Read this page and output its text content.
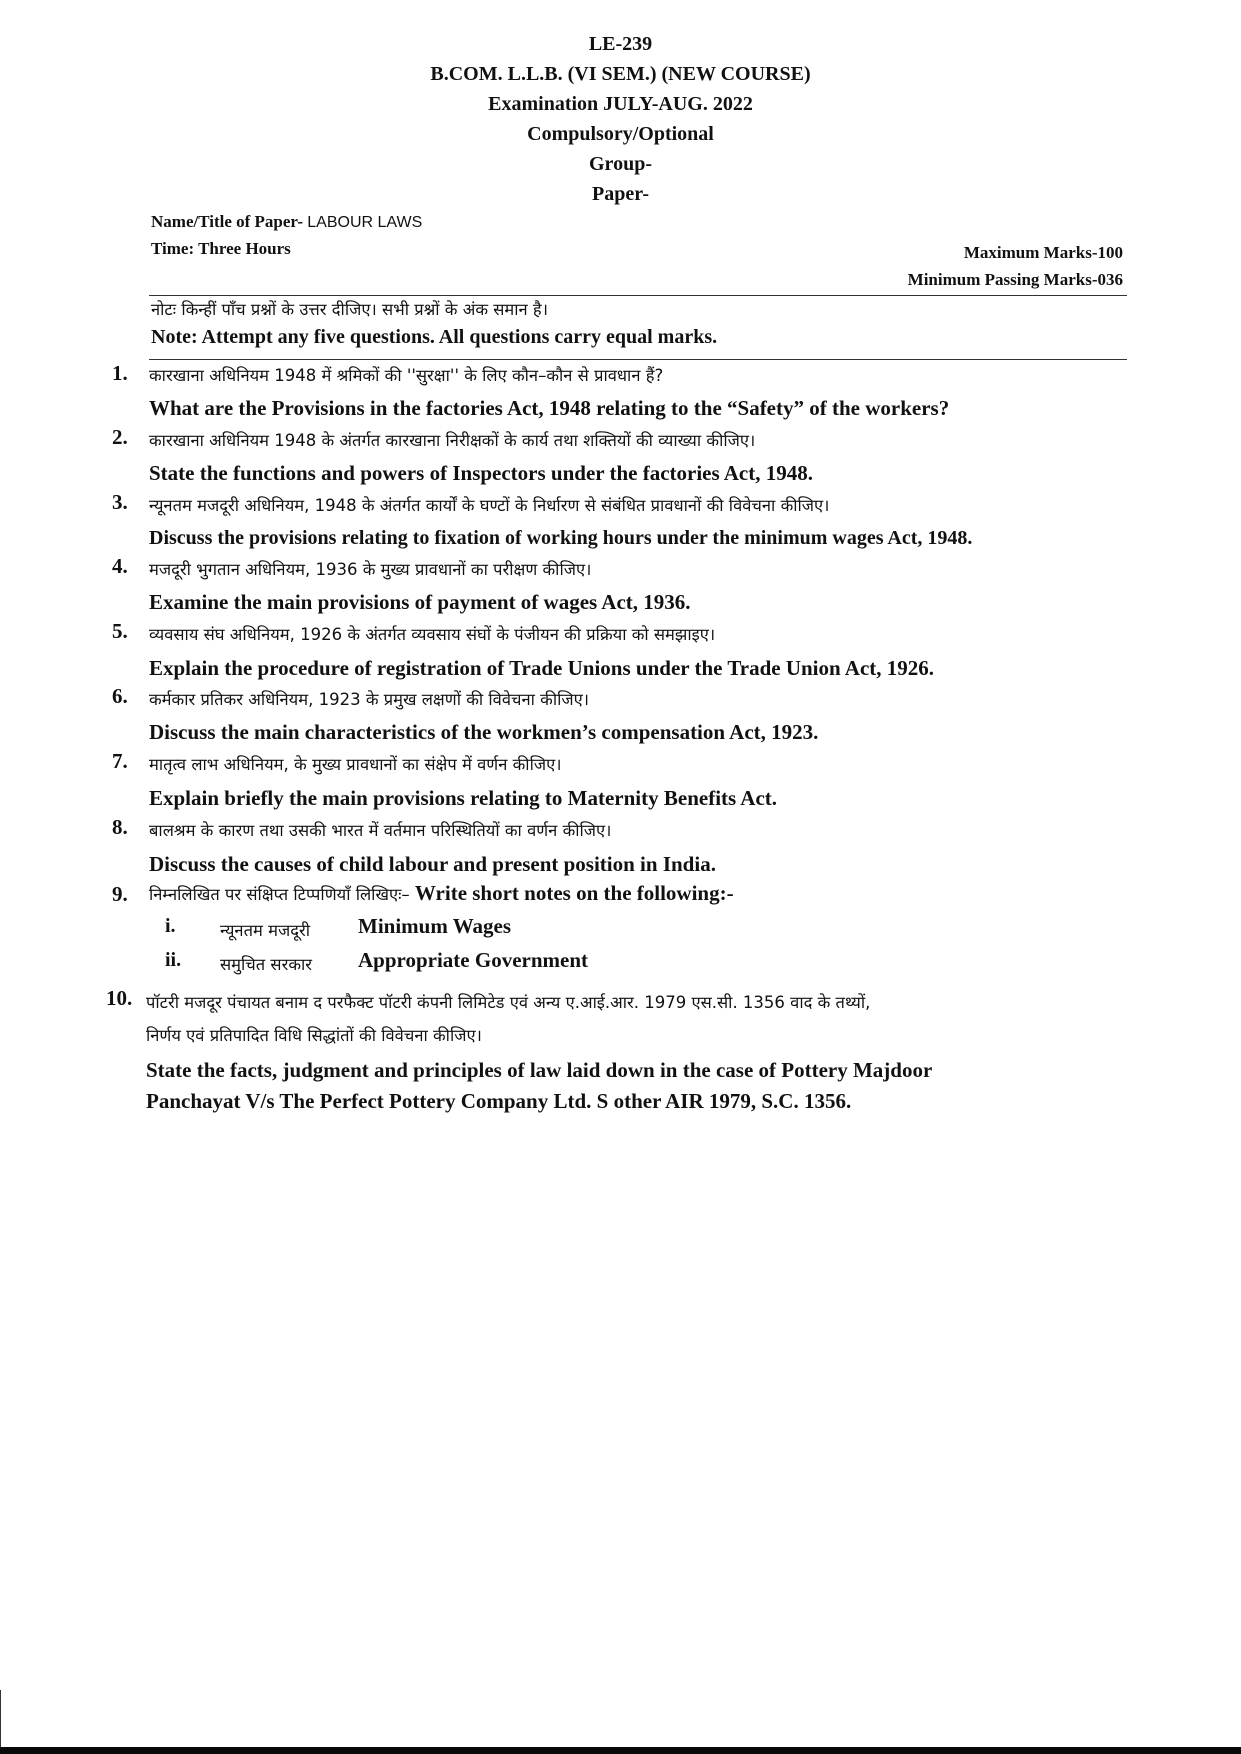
LE-239
B.COM. L.L.B. (VI SEM.) (NEW COURSE)
Examination JULY-AUG. 2022
Compulsory/Optional
Group-
Paper-
Name/Title of Paper- LABOUR LAWS
Time: Three Hours	Maximum Marks-100
Minimum Passing Marks-036
नोटः किन्हीं पाँच प्रश्नों के उत्तर दीजिए। सभी प्रश्नों के अंक समान है।
Note: Attempt any five questions. All questions carry equal marks.
1. कारखाना अधिनियम 1948 में श्रमिकों की ''सुरक्षा'' के लिए कौन–कौन से प्रावधान हैं?
What are the Provisions in the factories Act, 1948 relating to the “Safety” of the workers?
2. कारखाना अधिनियम 1948 के अंतर्गत कारखाना निरीक्षकों के कार्य तथा शक्तियों की व्याख्या कीजिए।
State the functions and powers of Inspectors under the factories Act, 1948.
3. न्यूनतम मजदूरी अधिनियम, 1948 के अंतर्गत कार्यों के घण्टों के निर्धारण से संबंधित प्रावधानों की विवेचना कीजिए।
Discuss the provisions relating to fixation of working hours under the minimum wages Act, 1948.
4. मजदूरी भुगतान अधिनियम, 1936 के मुख्य प्रावधानों का परीक्षण कीजिए।
Examine the main provisions of payment of wages Act, 1936.
5. व्यवसाय संघ अधिनियम, 1926 के अंतर्गत व्यवसाय संघों के पंजीयन की प्रक्रिया को समझाइए।
Explain the procedure of registration of Trade Unions under the Trade Union Act, 1926.
6. कर्मकार प्रतिकर अधिनियम, 1923 के प्रमुख लक्षणों की विवेचना कीजिए।
Discuss the main characteristics of the workmen’s compensation Act, 1923.
7. मातृत्व लाभ अधिनियम, के मुख्य प्रावधानों का संक्षेप में वर्णन कीजिए।
Explain briefly the main provisions relating to Maternity Benefits Act.
8. बालश्रम के कारण तथा उसकी भारत में वर्तमान परिस्थितियों का वर्णन कीजिए।
Discuss the causes of child labour and present position in India.
9. निम्नलिखित पर संक्षिप्त टिप्पणियाँ लिखिएः– Write short notes on the following:-
i.	न्यूनतम मजदूरी Minimum Wages
ii. समुचित सरकार Appropriate Government
10. पॉटरी मजदूर पंचायत बनाम द परफैक्ट पॉटरी कंपनी लिमिटेड एवं अन्य ए.आई.आर. 1979 एस.सी. 1356 वाद के तथ्यों,
निर्णय एवं प्रतिपादित विधि सिद्धांतों की विवेचना कीजिए।
State the facts, judgment and principles of law laid down in the case of Pottery Majdoor
Panchayat V/s The Perfect Pottery Company Ltd. S other AIR 1979, S.C. 1356.
